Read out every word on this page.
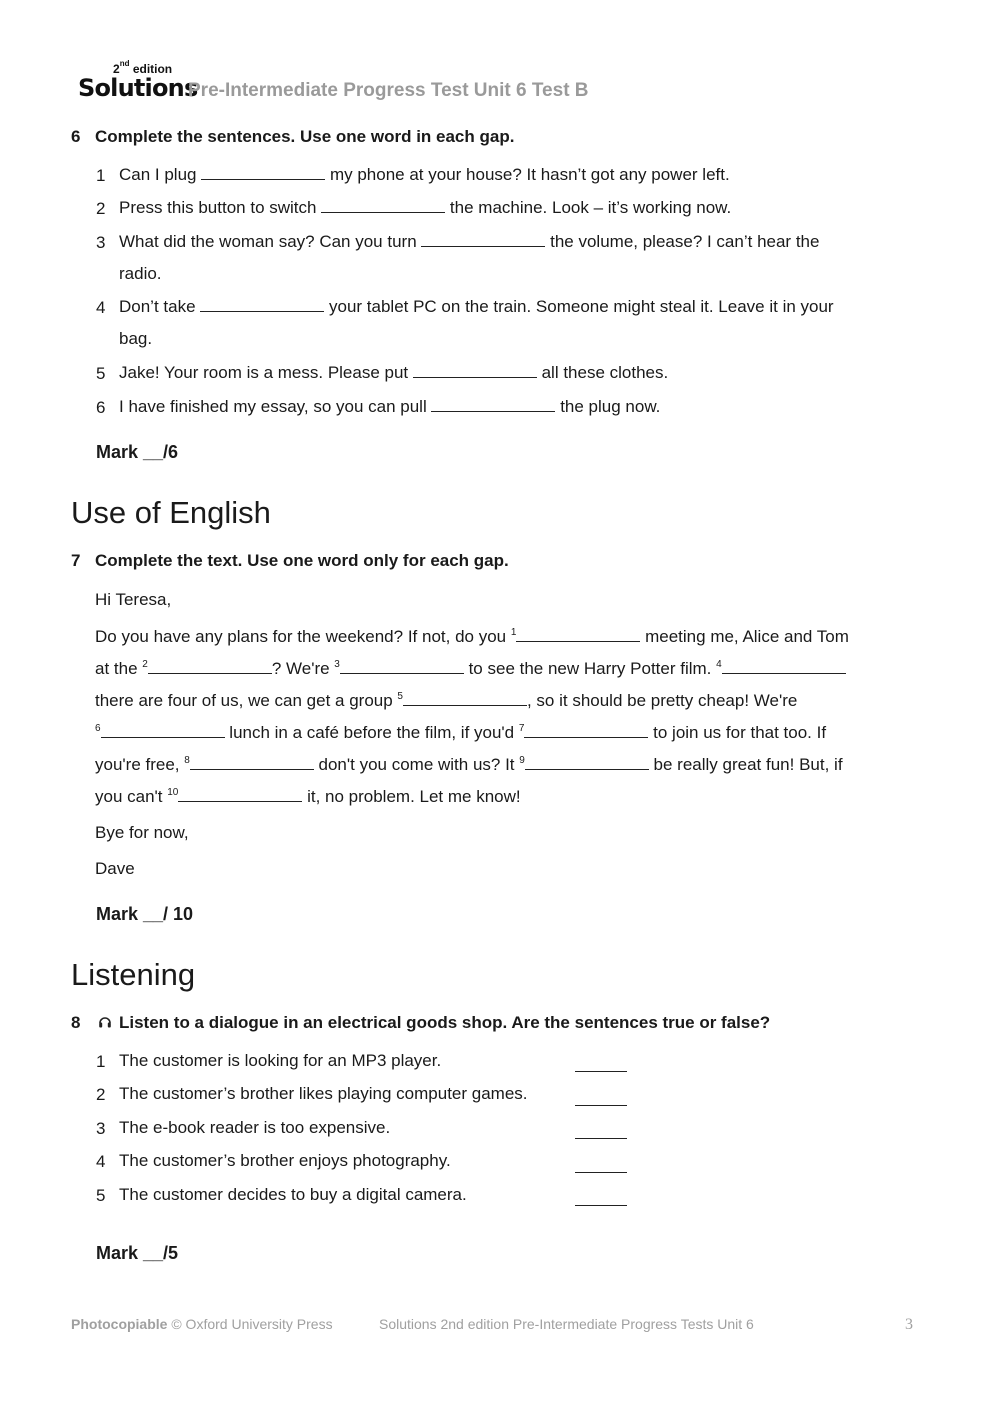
2nd edition
Solutions
Pre-Intermediate Progress Test Unit 6 Test B
6 Complete the sentences. Use one word in each gap.
1 Can I plug	my phone at your house? It hasn’t got any power left.
2 Press this button to switch	the machine. Look – it’s working now.
3 What did the woman say? Can you turn	the volume, please? I can’t hear the
radio.
4 Don’t take	your tablet PC on the train. Someone might steal it. Leave it in your
bag.
5 Jake! Your room is a mess. Please put	all these clothes.
6 I have finished my essay, so you can pull	the plug now.
Mark __/6
Use of English
7 Complete the text. Use one word only for each gap.
Hi Teresa,
Do you have any plans for the weekend? If not, do you $^1$	meeting me, Alice and Tom
at the $^2$	? We're $^3$	to see the new Harry Potter film. $^4$
there are four of us, we can get a group $^5$	, so it should be pretty cheap! We're
$^6$	lunch in a café before the film, if you'd $^7$	to join us for that too. If
you're free, $^8$	don't you come with us? It $^9$	be really great fun! But, if
you can't $^{10}$	it, no problem. Let me know!
Bye for now,
Dave
Mark __/ 10
Listening
8 Listen to a dialogue in an electrical goods shop. Are the sentences true or false?
1 The customer is looking for an MP3 player.
2 The customer’s brother likes playing computer games.
3 The e-book reader is too expensive.
4 The customer’s brother enjoys photography.
5 The customer decides to buy a digital camera.
Mark __/5
Photocopiable © Oxford University Press	Solutions 2nd edition Pre-Intermediate Progress Tests Unit 6	3
